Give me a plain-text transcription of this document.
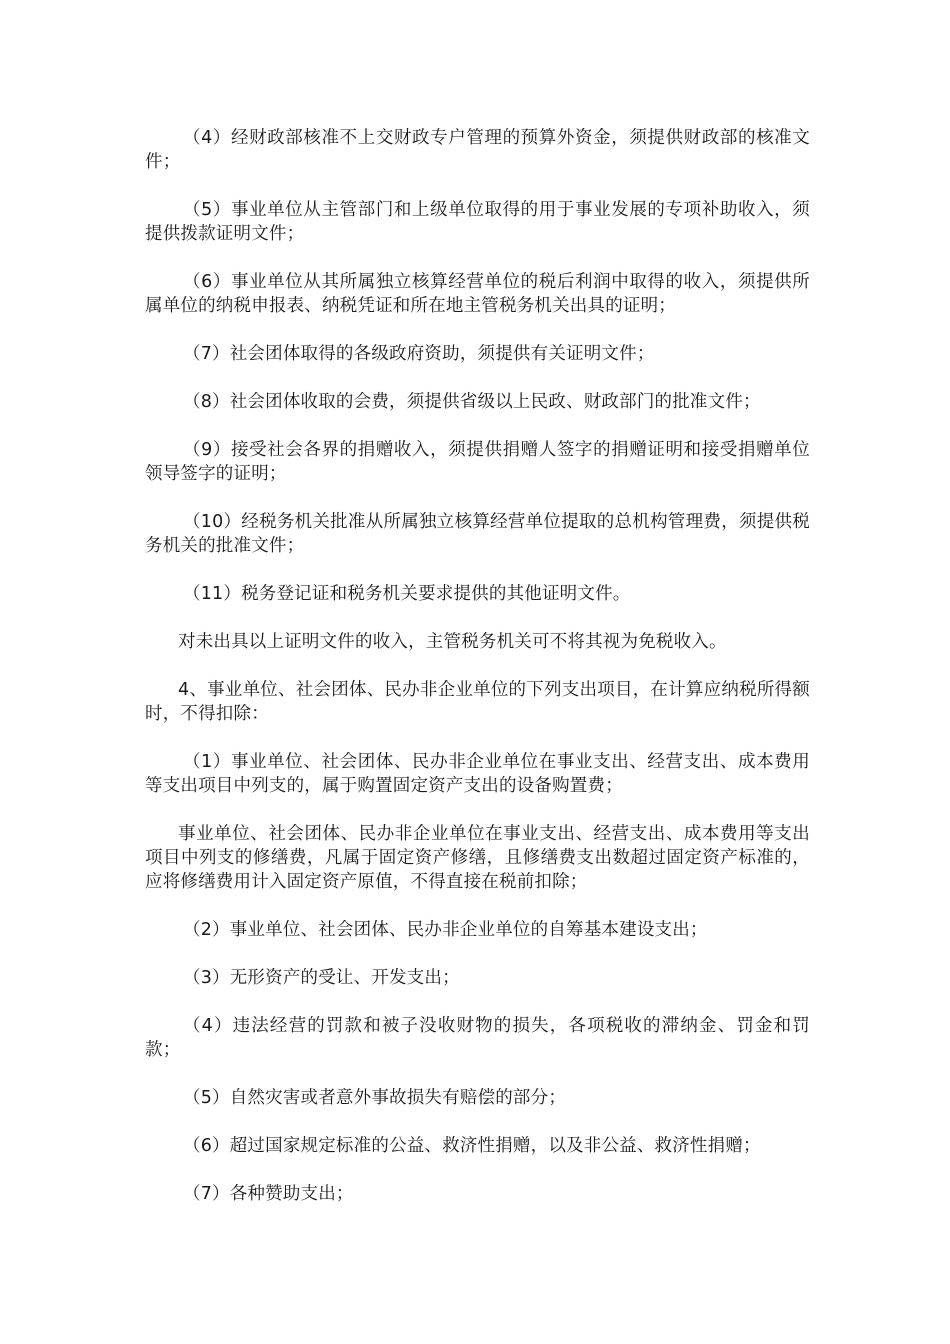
（4）经财政部核准不上交财政专户管理的预算外资金，须提供财政部的核准文件；

（5）事业单位从主管部门和上级单位取得的用于事业发展的专项补助收入，须提供拨款证明文件；

（6）事业单位从其所属独立核算经营单位的税后利润中取得的收入，须提供所属单位的纳税申报表、纳税凭证和所在地主管税务机关出具的证明；

（7）社会团体取得的各级政府资助，须提供有关证明文件；

（8）社会团体收取的会费，须提供省级以上民政、财政部门的批准文件；

（9）接受社会各界的捐赠收入，须提供捐赠人签字的捐赠证明和接受捐赠单位领导签字的证明；

（10）经税务机关批准从所属独立核算经营单位提取的总机构管理费，须提供税务机关的批准文件；

（11）税务登记证和税务机关要求提供的其他证明文件。

对未出具以上证明文件的收入，主管税务机关可不将其视为免税收入。

4、事业单位、社会团体、民办非企业单位的下列支出项目，在计算应纳税所得额时，不得扣除：

（1）事业单位、社会团体、民办非企业单位在事业支出、经营支出、成本费用等支出项目中列支的，属于购置固定资产支出的设备购置费；

事业单位、社会团体、民办非企业单位在事业支出、经营支出、成本费用等支出项目中列支的修缮费，凡属于固定资产修缮，且修缮费支出数超过固定资产标准的，应将修缮费用计入固定资产原值，不得直接在税前扣除；

（2）事业单位、社会团体、民办非企业单位的自筹基本建设支出；

（3）无形资产的受让、开发支出；

（4）违法经营的罚款和被子没收财物的损失，各项税收的滞纳金、罚金和罚款；

（5）自然灾害或者意外事故损失有赔偿的部分；

（6）超过国家规定标准的公益、救济性捐赠，以及非公益、救济性捐赠；

（7）各种赞助支出；
